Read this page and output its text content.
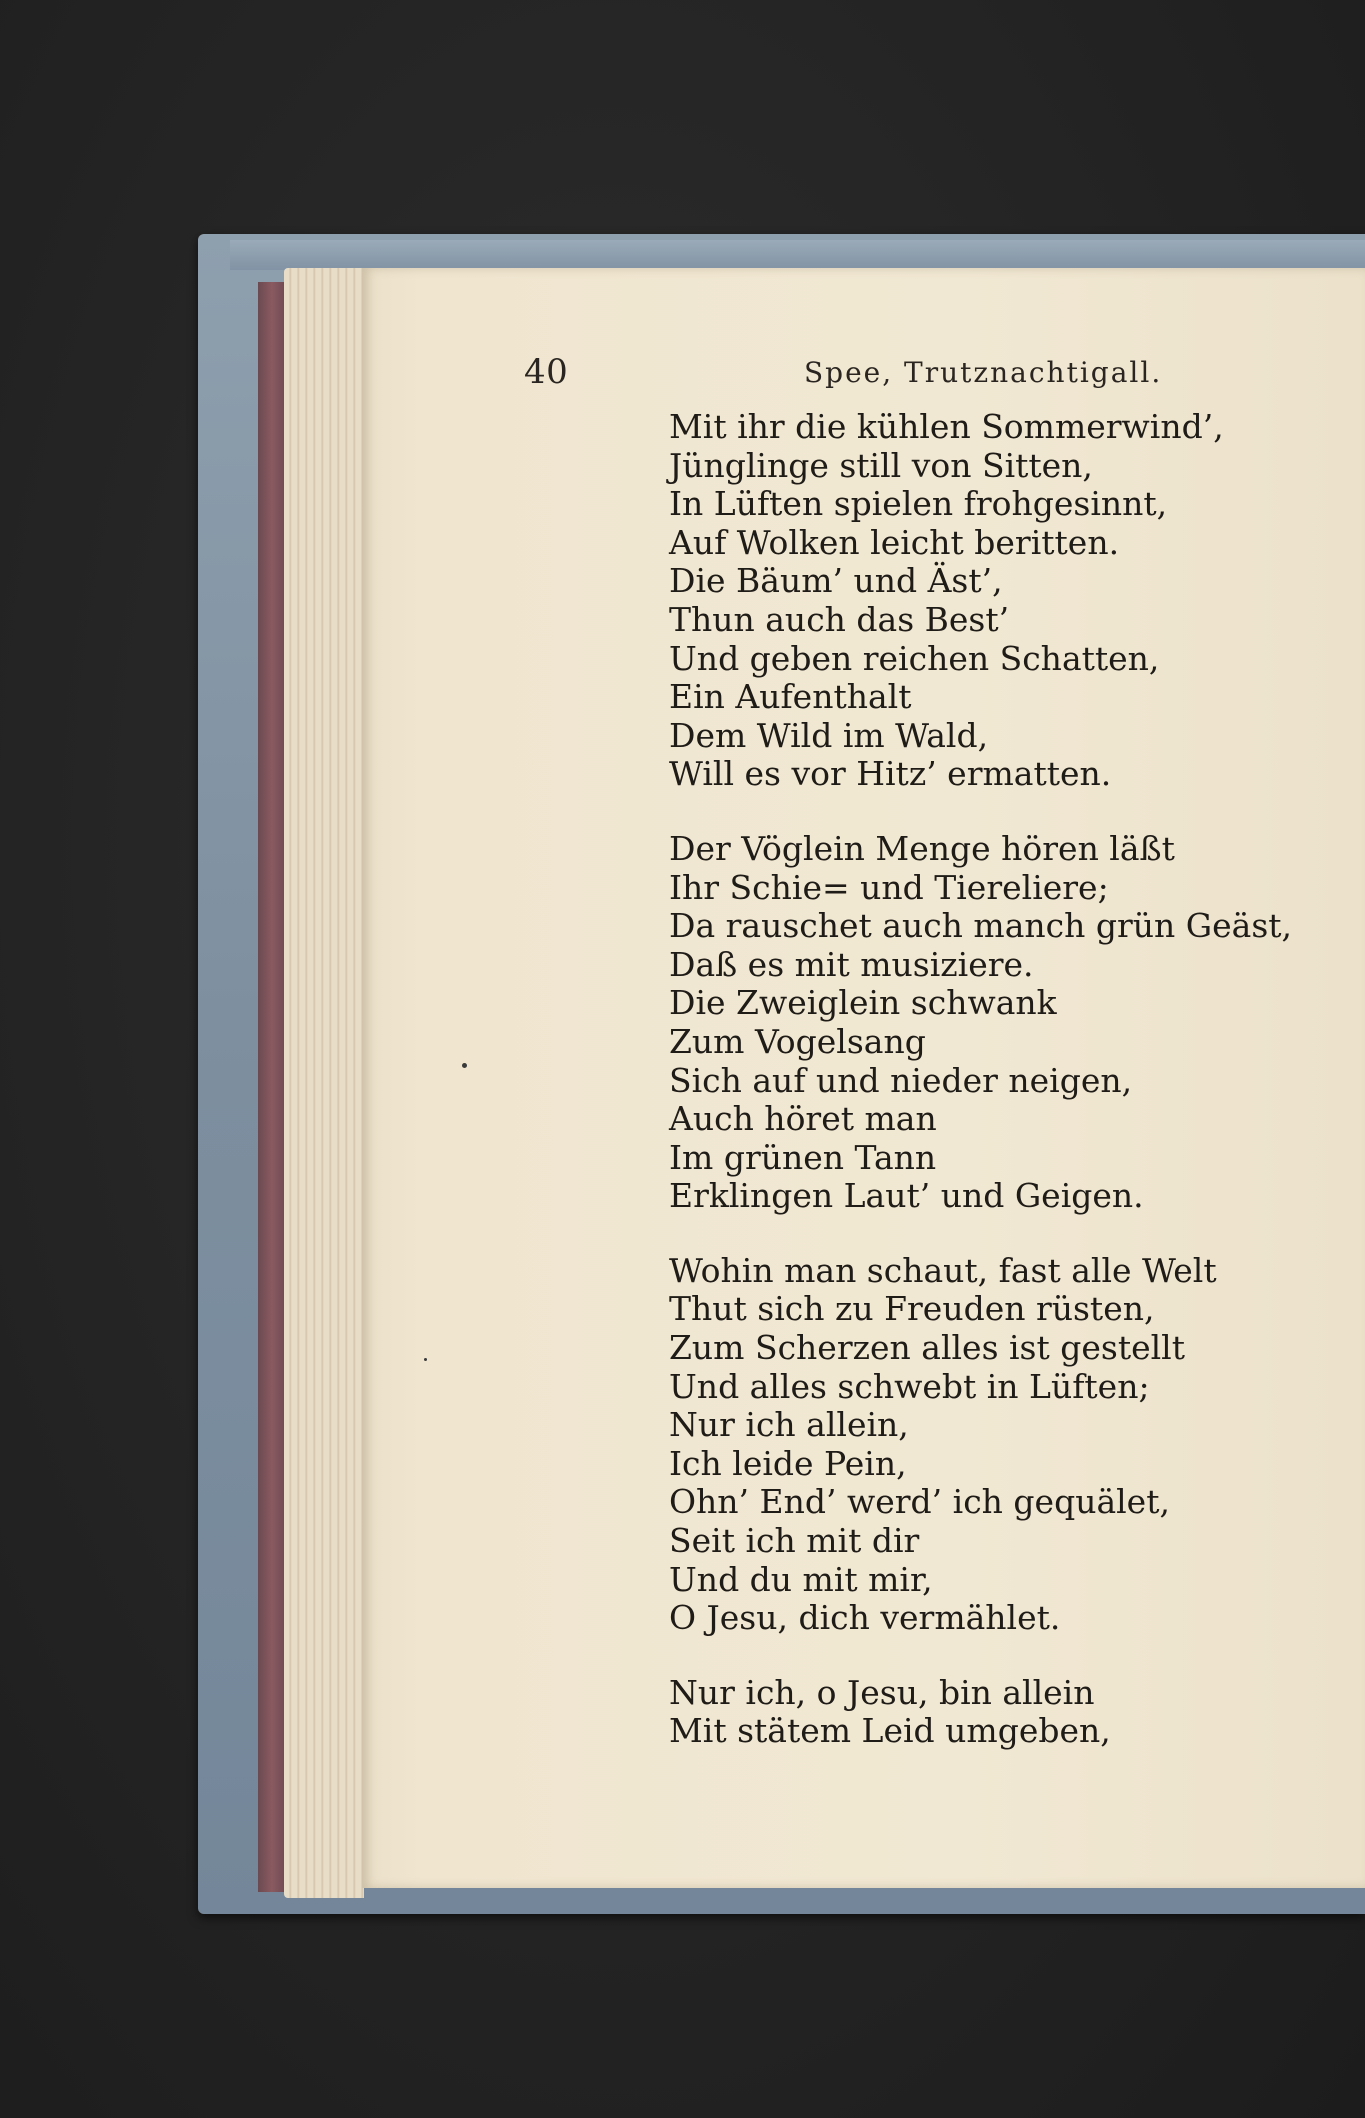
40	Spee, Trutznachtigall.
Mit ihr die kühlen Sommerwind’,
Jüngling​e still von Sitten,
In Lüften spielen frohgesinnt,
Auf Wolken leicht beritten.
Die Bäum’ und Äst’,
Thun auch das Best’
Und geben reichen Schatten,
Ein Aufenthalt
Dem Wild im Wald,
Will es vor Hitz’ ermatten.
Der Vöglein Menge hören läßt
Ihr Schie= und Tiereliere;
Da rauschet auch manch grün Geäst,
Daß es mit musiziere.
Die Zweiglein schwank
Zum Vogelsang
Sich auf und nieder neigen,
Auch höret man
Im grünen Tann
Erklingen Laut’ und Geigen.
Wohin man schaut, fast alle Welt
Thut sich zu Freuden rüsten,
Zum Scherzen alles ist gestellt
Und alles schwebt in Lüften;
Nur ich allein,
Ich leide Pein,
Ohn’ End’ werd’ ich gequälet,
Seit ich mit dir
Und du mit mir,
O Jesu, dich vermählet.
Nur ich, o Jesu, bin allein
Mit stätem Leid umgeben,
